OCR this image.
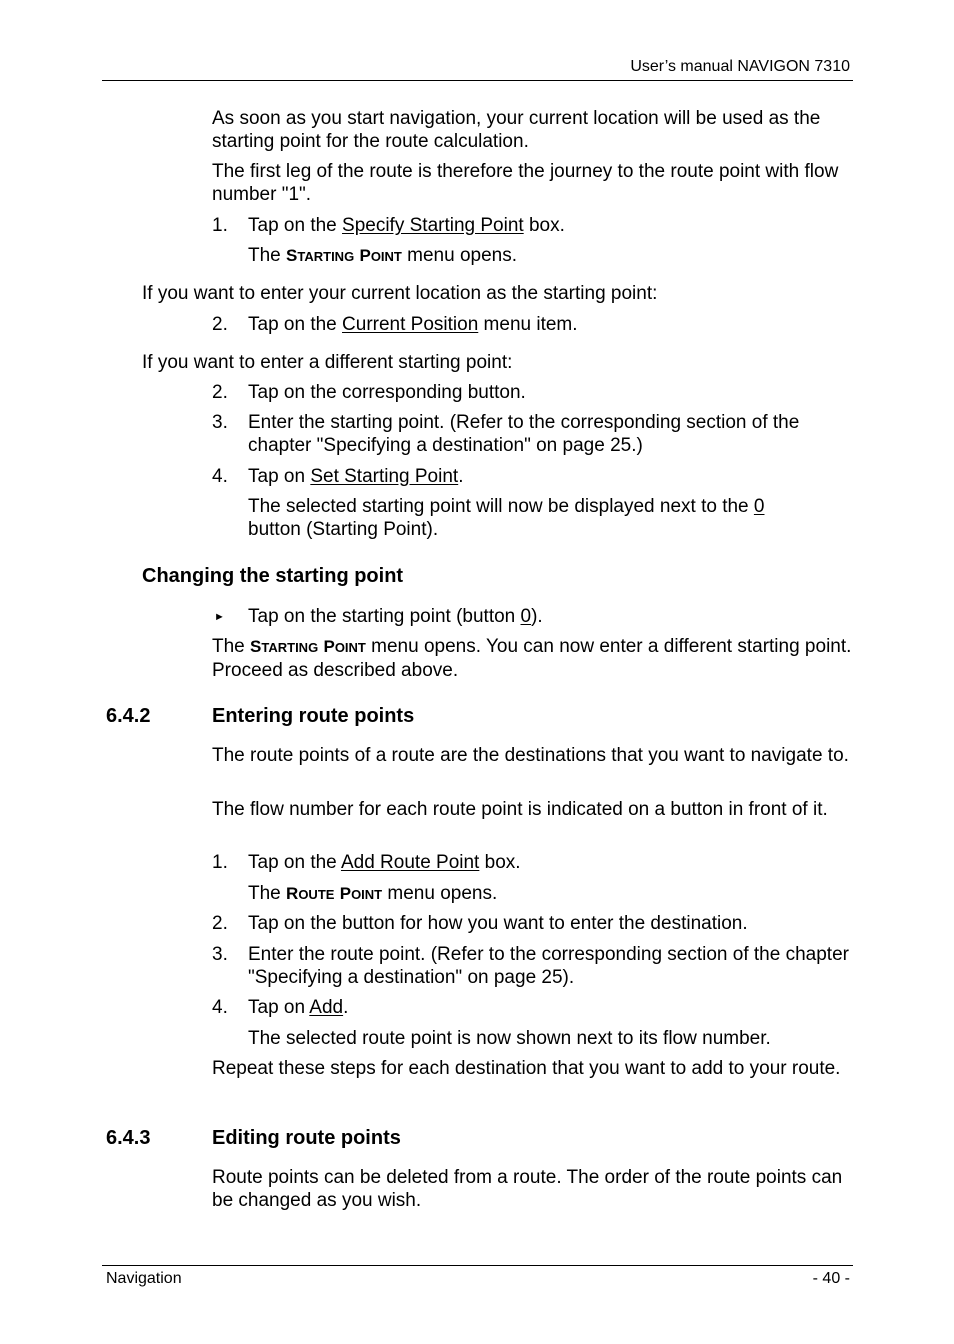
User’s manual NAVIGON 7310
As soon as you start navigation, your current location will be used as the starting point for the route calculation.
The first leg of the route is therefore the journey to the route point with flow number "1".
1.	Tap on the Specify Starting Point box.
The STARTING POINT menu opens.
If you want to enter your current location as the starting point:
2.	Tap on the Current Position menu item.
If you want to enter a different starting point:
2.	Tap on the corresponding button.
3.	Enter the starting point. (Refer to the corresponding section of the chapter "Specifying a destination" on page 25.)
4.	Tap on Set Starting Point.
The selected starting point will now be displayed next to the 0
button (Starting Point).
Changing the starting point
► Tap on the starting point (button 0).
The STARTING POINT menu opens. You can now enter a different starting point. Proceed as described above.
6.4.2	Entering route points
The route points of a route are the destinations that you want to navigate to.
The flow number for each route point is indicated on a button in front of it.
1.	Tap on the Add Route Point box.
The ROUTE POINT menu opens.
2.	Tap on the button for how you want to enter the destination.
3.	Enter the route point. (Refer to the corresponding section of the chapter "Specifying a destination" on page 25).
4.	Tap on Add.
The selected route point is now shown next to its flow number.
Repeat these steps for each destination that you want to add to your route.
6.4.3	Editing route points
Route points can be deleted from a route. The order of the route points can be changed as you wish.
Navigation	- 40 -
